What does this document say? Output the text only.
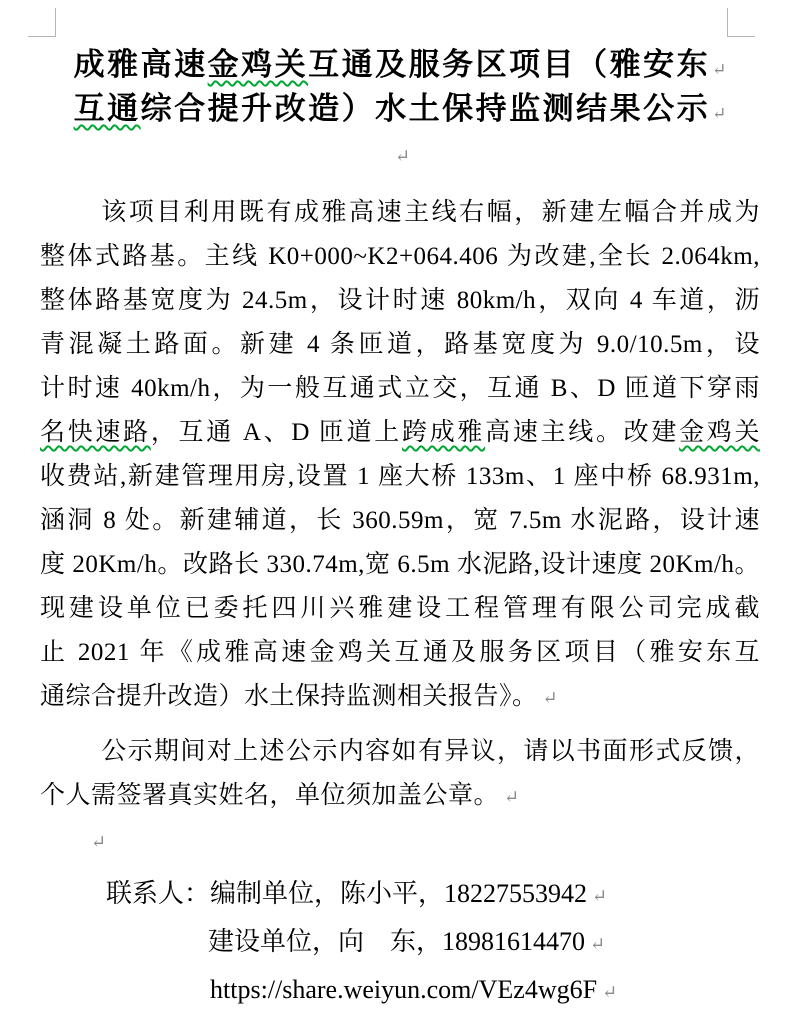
成雅高速金鸡关互通及服务区项目（雅安东 ↵
互通综合提升改造）水土保持监测结果公示 ↵
↵
该项目利用既有成雅高速主线右幅，新建左幅合并成为
整体式路基。主线 K0+000~K2+064.406 为改建,全长 2.064km,
整体路基宽度为 24.5m，设计时速 80km/h，双向 4 车道，沥
青混凝土路面。新建 4 条匝道，路基宽度为 9.0/10.5m，设
计时速 40km/h，为一般互通式立交，互通 B、D 匝道下穿雨
名快速路，互通 A、D 匝道上跨成雅高速主线。改建金鸡关
收费站,新建管理用房,设置 1 座大桥 133m、1 座中桥 68.931m,
涵洞 8 处。新建辅道，长 360.59m，宽 7.5m 水泥路，设计速
度 20Km/h。改路长 330.74m,宽 6.5m 水泥路,设计速度 20Km/h。
现建设单位已委托四川兴雅建设工程管理有限公司完成截
止 2021 年《成雅高速金鸡关互通及服务区项目（雅安东互
通综合提升改造）水土保持监测相关报告》。 ↵
公示期间对上述公示内容如有异议，请以书面形式反馈，
个人需签署真实姓名，单位须加盖公章。 ↵
↵
联系人：编制单位，陈小平，18227553942 ↵
建设单位，向　东，18981614470 ↵
https://share.weiyun.com/VEz4wg6F ↵
